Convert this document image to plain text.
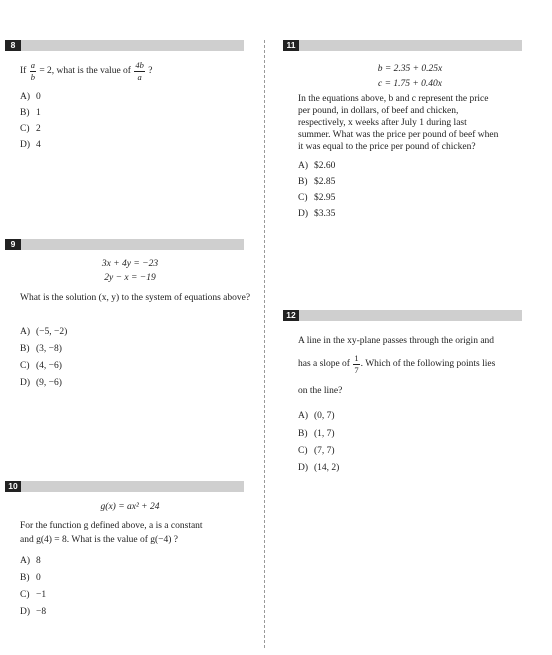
8
If $\frac{a}{b} = 2$, what is the value of $\frac{4b}{a}$ ?
A) 0
B) 1
C) 2
D) 4
9
3x + 4y = −23
2y − x = −19
What is the solution (x, y) to the system of equations above?
A) (−5, −2)
B) (3, −8)
C) (4, −6)
D) (9, −6)
10
g(x) = ax² + 24
For the function g defined above, a is a constant
and g(4) = 8. What is the value of g(−4) ?
A) 8
B) 0
C) −1
D) −8
11
b = 2.35 + 0.25x
c = 1.75 + 0.40x
In the equations above, b and c represent the price
per pound, in dollars, of beef and chicken,
respectively, x weeks after July 1 during last
summer. What was the price per pound of beef when
it was equal to the price per pound of chicken?
A) $2.60
B) $2.85
C) $2.95
D) $3.35
12
A line in the xy-plane passes through the origin and
has a slope of $\frac{1}{7}$ . Which of the following points lies
on the line?
A) (0, 7)
B) (1, 7)
C) (7, 7)
D) (14, 2)
